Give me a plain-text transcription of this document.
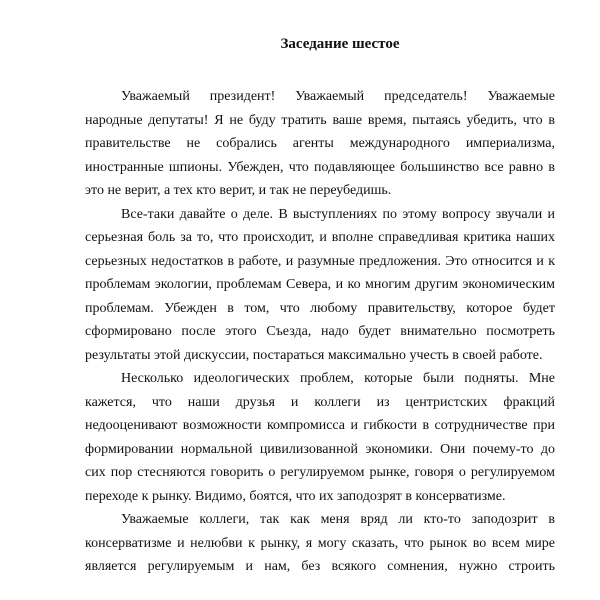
Заседание шестое
Уважаемый президент! Уважаемый председатель! Уважаемые
народные депутаты! Я не буду тратить ваше время, пытаясь убедить, что в
правительстве не собрались агенты международного империализма,
иностранные шпионы. Убежден, что подавляющее большинство все равно в
это не верит, а тех кто верит, и так не переубедишь.
Все-таки давайте о деле. В выступлениях по этому вопросу звучали и
серьезная боль за то, что происходит, и вполне справедливая критика наших
серьезных недостатков в работе, и разумные предложения. Это относится и к
проблемам экологии, проблемам Севера, и ко многим другим экономическим
проблемам. Убежден в том, что любому правительству, которое будет
сформировано после этого Съезда, надо будет внимательно посмотреть
результаты этой дискуссии, постараться максимально учесть в своей работе.
Несколько идеологических проблем, которые были подняты. Мне
кажется, что наши друзья и коллеги из центристских фракций
недооценивают возможности компромисса и гибкости в сотрудничестве при
формировании нормальной цивилизованной экономики. Они почему-то до
сих пор стесняются говорить о регулируемом рынке, говоря о регулируемом
переходе к рынку. Видимо, боятся, что их заподозрят в консерватизме.
Уважаемые коллеги, так как меня вряд ли кто-то заподозрит в
консерватизме и нелюбви к рынку, я могу сказать, что рынок во всем мире
является регулируемым и нам, без всякого сомнения, нужно строить
